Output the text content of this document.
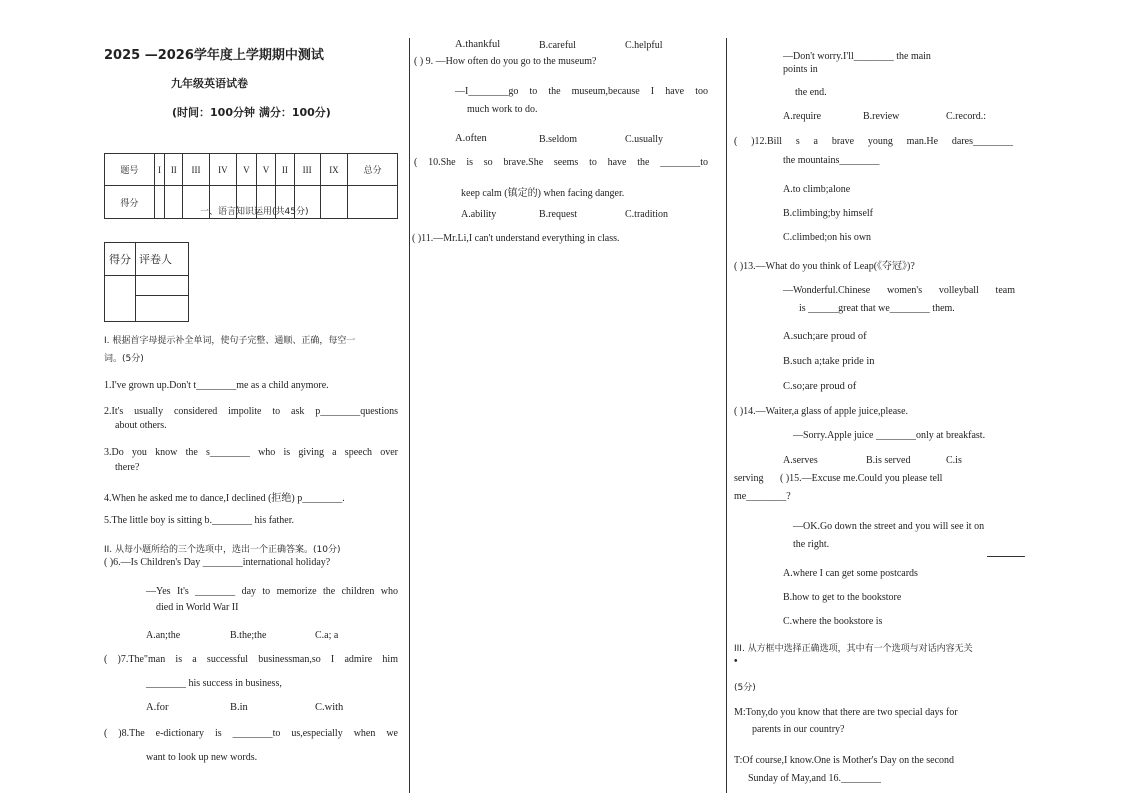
2025 —2026学年度上学期期中测试
九年级英语试卷
(时间：100分钟 满分：100分)
题号	I	II	III	IV	V	V	II	III	IX	总分
得分										
一、语言知识运用(共45分)
得分	评卷人

I. 根据首字母提示补全单词，使句子完整、通顺、正确，每空一
词。(5分)
1.I've grown up.Don't t________me as a child anymore.
2.It's usually considered impolite to ask p________questions
about others.
3.Do you know the s________ who is giving a speech over
there?
4.When he asked me to dance,I declined (拒绝) p________.
5.The little boy is sitting b.________ his father.
II. 从每小题所给的三个选项中，选出一个正确答案。(10分)
( )6.—Is Children's Day ________international holiday?
—Yes It's ________ day to memorize the children who
died in World War II
A.an;the	B.the;the	C.a; a
( )7.The"man is a successful businessman,so I admire him
________ his success in business,
A.for	B.in	C.with
( )8.The e-dictionary is ________to us,especially when we
want to look up new words.
A.thankful	B.careful	C.helpful
( ) 9. —How often do you go to the museum?
—I________go to the museum,because I have too
much work to do.
A.often	B.seldom	C.usually
( 10.She is so brave.She seems to have the ________to
keep calm (镇定的) when facing danger.
A.ability	B.request	C.tradition
( )11.—Mr.Li,I can't understand everything in class.
—Don't worry.I'll________ the main
points in
the end.
A.require	B.review	C.record.:
( )12.Bill s a brave young man.He dares________
the mountains________
A.to climb;alone
B.climbing;by himself
C.climbed;on his own
( )13.—What do you think of Leap(《夺冠》)?
—Wonderful.Chinese women's volleyball team
is ______great that we________ them.
A.such;are proud of
B.such a;take pride in
C.so;are proud of
( )14.—Waiter,a glass of apple juice,please.
—Sorry.Apple juice ________only at breakfast.
A.serves	B.is served	C.is
serving ( )15.—Excuse me.Could you please tell
me________?
—OK.Go down the street and you will see it on
the right.
A.where I can get some postcards
B.how to get to the bookstore
C.where the bookstore is
III. 从方框中选择正确选项，其中有一个选项与对话内容无关
•
(5分)
M:Tony,do you know that there are two special days for
parents in our country?
T:Of course,I know.One is Mother's Day on the second
Sunday of May,and 16.________
